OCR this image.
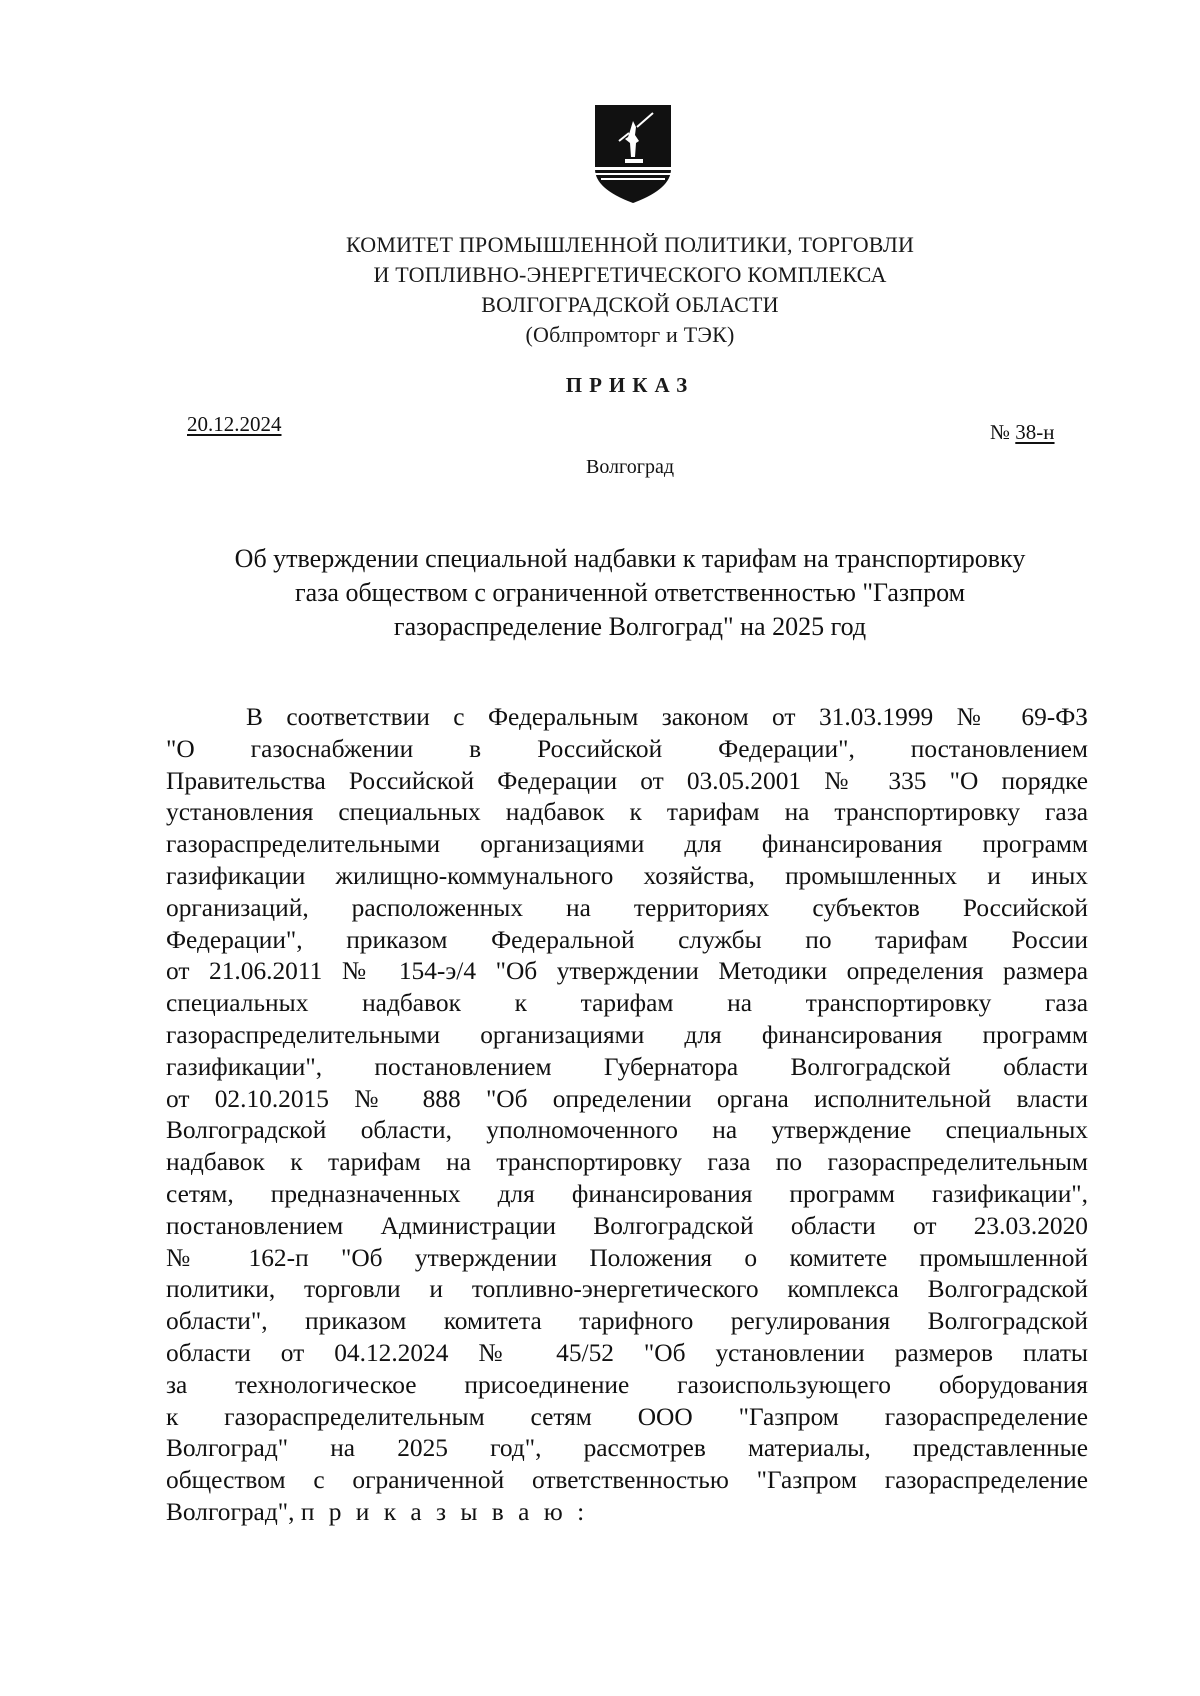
КОМИТЕТ ПРОМЫШЛЕННОЙ ПОЛИТИКИ, ТОРГОВЛИ
И ТОПЛИВНО-ЭНЕРГЕТИЧЕСКОГО КОМПЛЕКСА
ВОЛГОГРАДСКОЙ ОБЛАСТИ
(Облпромторг и ТЭК)
ПРИКАЗ
20.12.2024	№ 38-н
Волгоград
Об утверждении специальной надбавки к тарифам на транспортировку
газа обществом с ограниченной ответственностью "Газпром
газораспределение Волгоград" на 2025 год
В соответствии с Федеральным законом от 31.03.1999 № 69-ФЗ
"О газоснабжении в Российской Федерации", постановлением
Правительства Российской Федерации от 03.05.2001 № 335 "О порядке
установления специальных надбавок к тарифам на транспортировку газа
газораспределительными организациями для финансирования программ
газификации жилищно-коммунального хозяйства, промышленных и иных
организаций, расположенных на территориях субъектов Российской
Федерации", приказом Федеральной службы по тарифам России
от 21.06.2011 № 154-э/4 "Об утверждении Методики определения размера
специальных надбавок к тарифам на транспортировку газа
газораспределительными организациями для финансирования программ
газификации", постановлением Губернатора Волгоградской области
от 02.10.2015 № 888 "Об определении органа исполнительной власти
Волгоградской области, уполномоченного на утверждение специальных
надбавок к тарифам на транспортировку газа по газораспределительным
сетям, предназначенных для финансирования программ газификации",
постановлением Администрации Волгоградской области от 23.03.2020
№ 162-п "Об утверждении Положения о комитете промышленной
политики, торговли и топливно-энергетического комплекса Волгоградской
области", приказом комитета тарифного регулирования Волгоградской
области от 04.12.2024 № 45/52 "Об установлении размеров платы
за технологическое присоединение газоиспользующего оборудования
к газораспределительным сетям ООО "Газпром газораспределение
Волгоград" на 2025 год", рассмотрев материалы, представленные
обществом с ограниченной ответственностью "Газпром газораспределение
Волгоград", п р и к а з ы в а ю :
